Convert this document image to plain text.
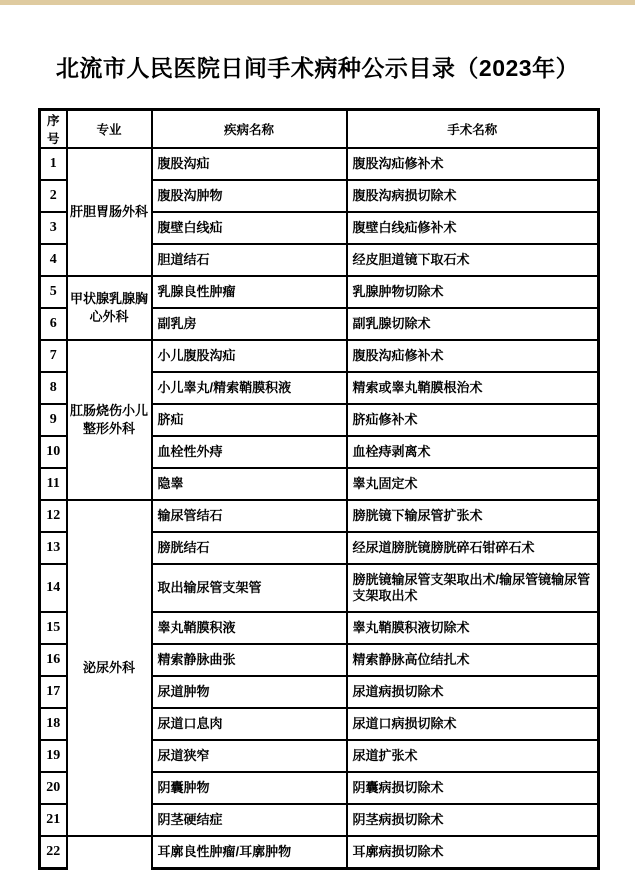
北流市人民医院日间手术病种公示目录（2023年）
序号	专业	疾病名称	手术名称
1	肝胆胃肠外科	腹股沟疝	腹股沟疝修补术
2		腹股沟肿物	腹股沟病损切除术
3		腹壁白线疝	腹壁白线疝修补术
4		胆道结石	经皮胆道镜下取石术
5	甲状腺乳腺胸心外科	乳腺良性肿瘤	乳腺肿物切除术
6		副乳房	副乳腺切除术
7	肛肠烧伤小儿整形外科	小儿腹股沟疝	腹股沟疝修补术
8		小儿睾丸/精索鞘膜积液	精索或睾丸鞘膜根治术
9		脐疝	脐疝修补术
10		血栓性外痔	血栓痔剥离术
11		隐睾	睾丸固定术
12	泌尿外科	输尿管结石	膀胱镜下输尿管扩张术
13		膀胱结石	经尿道膀胱镜膀胱碎石钳碎石术
14		取出输尿管支架管	膀胱镜输尿管支架取出术/输尿管镜输尿管支架取出术
15		睾丸鞘膜积液	睾丸鞘膜积液切除术
16		精索静脉曲张	精索静脉高位结扎术
17		尿道肿物	尿道病损切除术
18		尿道口息肉	尿道口病损切除术
19		尿道狭窄	尿道扩张术
20		阴囊肿物	阴囊病损切除术
21		阴茎硬结症	阴茎病损切除术
22		耳廓良性肿瘤/耳廓肿物	耳廓病损切除术
